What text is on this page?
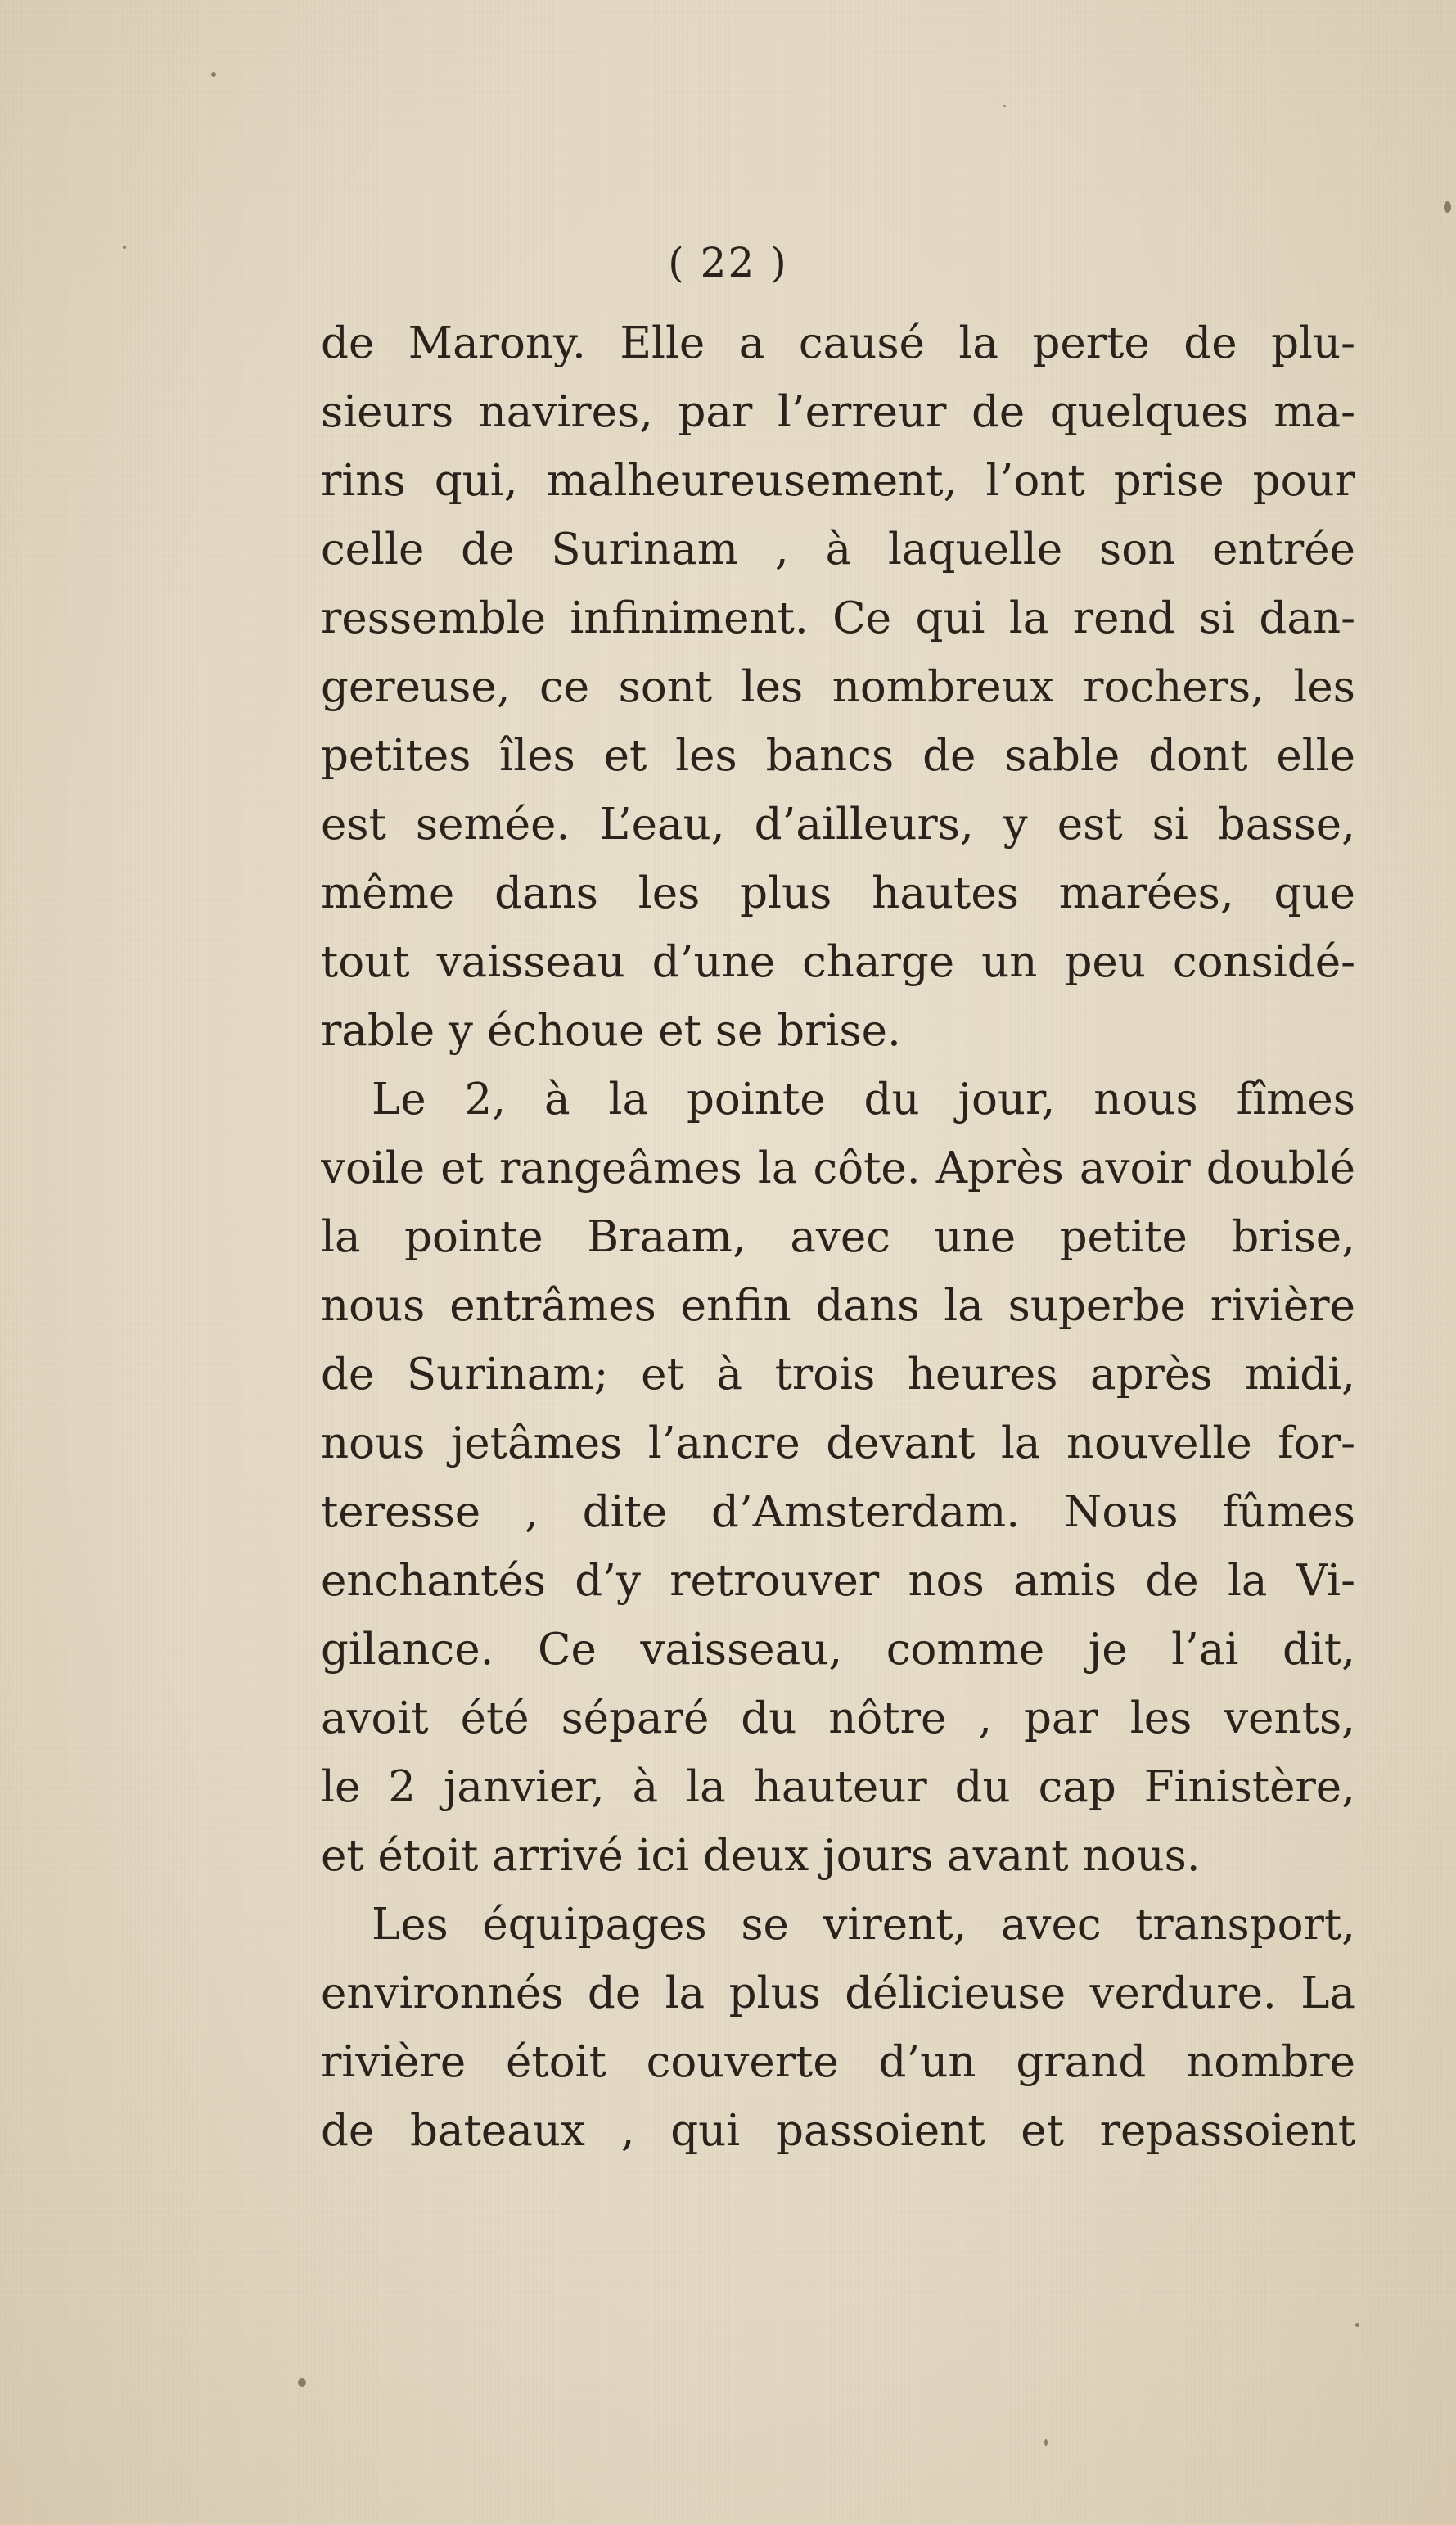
( 22 )
de Marony. Elle a causé la perte de plu-
sieurs navires, par l’erreur de quelques ma-
rins qui, malheureusement, l’ont prise pour
celle de Surinam , à laquelle son entrée
ressemble infiniment. Ce qui la rend si dan-
gereuse, ce sont les nombreux rochers, les
petites îles et les bancs de sable dont elle
est semée. L’eau, d’ailleurs, y est si basse,
même dans les plus hautes marées, que
tout vaisseau d’une charge un peu considé-
rable y échoue et se brise.
Le 2, à la pointe du jour, nous fîmes
voile et rangeâmes la côte. Après avoir doublé
la pointe Braam, avec une petite brise,
nous entrâmes enfin dans la superbe rivière
de Surinam; et à trois heures après midi,
nous jetâmes l’ancre devant la nouvelle for-
teresse , dite d’Amsterdam. Nous fûmes
enchantés d’y retrouver nos amis de la Vi-
gilance. Ce vaisseau, comme je l’ai dit,
avoit été séparé du nôtre , par les vents,
le 2 janvier, à la hauteur du cap Finistère,
et étoit arrivé ici deux jours avant nous.
Les équipages se virent, avec transport,
environnés de la plus délicieuse verdure. La
rivière étoit couverte d’un grand nombre
de bateaux , qui passoient et repassoient
